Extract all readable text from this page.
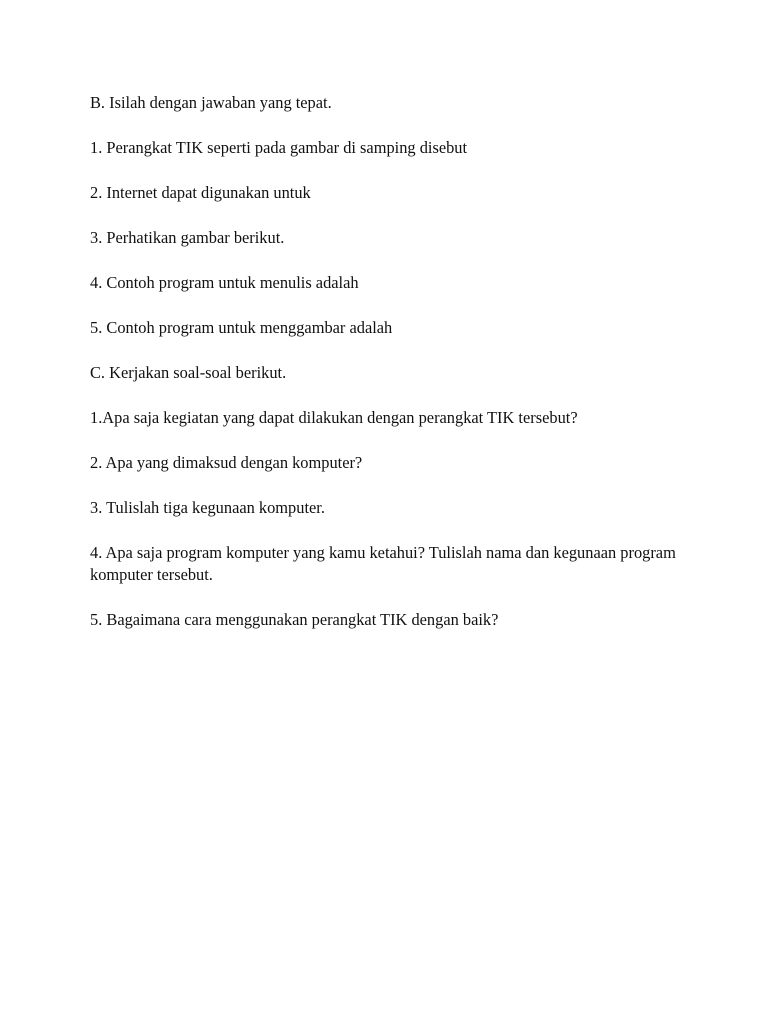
B. Isilah dengan jawaban yang tepat.

1. Perangkat TIK seperti pada gambar di samping disebut

2. Internet dapat digunakan untuk

3. Perhatikan gambar berikut.

4. Contoh program untuk menulis adalah

5. Contoh program untuk menggambar adalah

C. Kerjakan soal-soal berikut.

1.Apa saja kegiatan yang dapat dilakukan dengan perangkat TIK tersebut?

2. Apa yang dimaksud dengan komputer?

3. Tulislah tiga kegunaan komputer.

4. Apa saja program komputer yang kamu ketahui? Tulislah nama dan kegunaan program komputer tersebut.

5. Bagaimana cara menggunakan perangkat TIK dengan baik?
